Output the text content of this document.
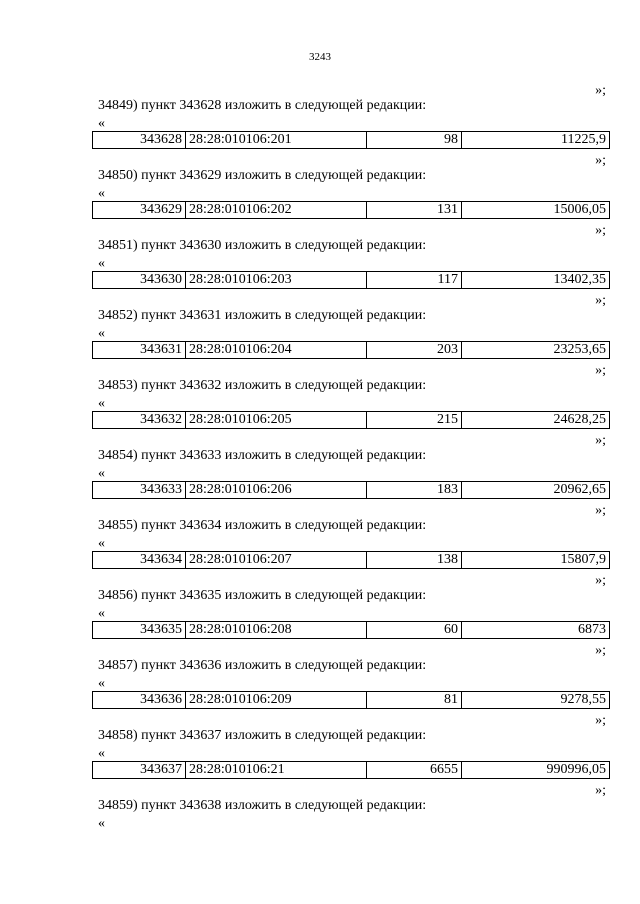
3243
»;
34849) пункт 343628 изложить в следующей редакции:
«
343628	28:28:010106:201	98	11225,9
»;
34850) пункт 343629 изложить в следующей редакции:
«
343629	28:28:010106:202	131	15006,05
»;
34851) пункт 343630 изложить в следующей редакции:
«
343630	28:28:010106:203	117	13402,35
»;
34852) пункт 343631 изложить в следующей редакции:
«
343631	28:28:010106:204	203	23253,65
»;
34853) пункт 343632 изложить в следующей редакции:
«
343632	28:28:010106:205	215	24628,25
»;
34854) пункт 343633 изложить в следующей редакции:
«
343633	28:28:010106:206	183	20962,65
»;
34855) пункт 343634 изложить в следующей редакции:
«
343634	28:28:010106:207	138	15807,9
»;
34856) пункт 343635 изложить в следующей редакции:
«
343635	28:28:010106:208	60	6873
»;
34857) пункт 343636 изложить в следующей редакции:
«
343636	28:28:010106:209	81	9278,55
»;
34858) пункт 343637 изложить в следующей редакции:
«
343637	28:28:010106:21	6655	990996,05
»;
34859) пункт 343638 изложить в следующей редакции:
«
